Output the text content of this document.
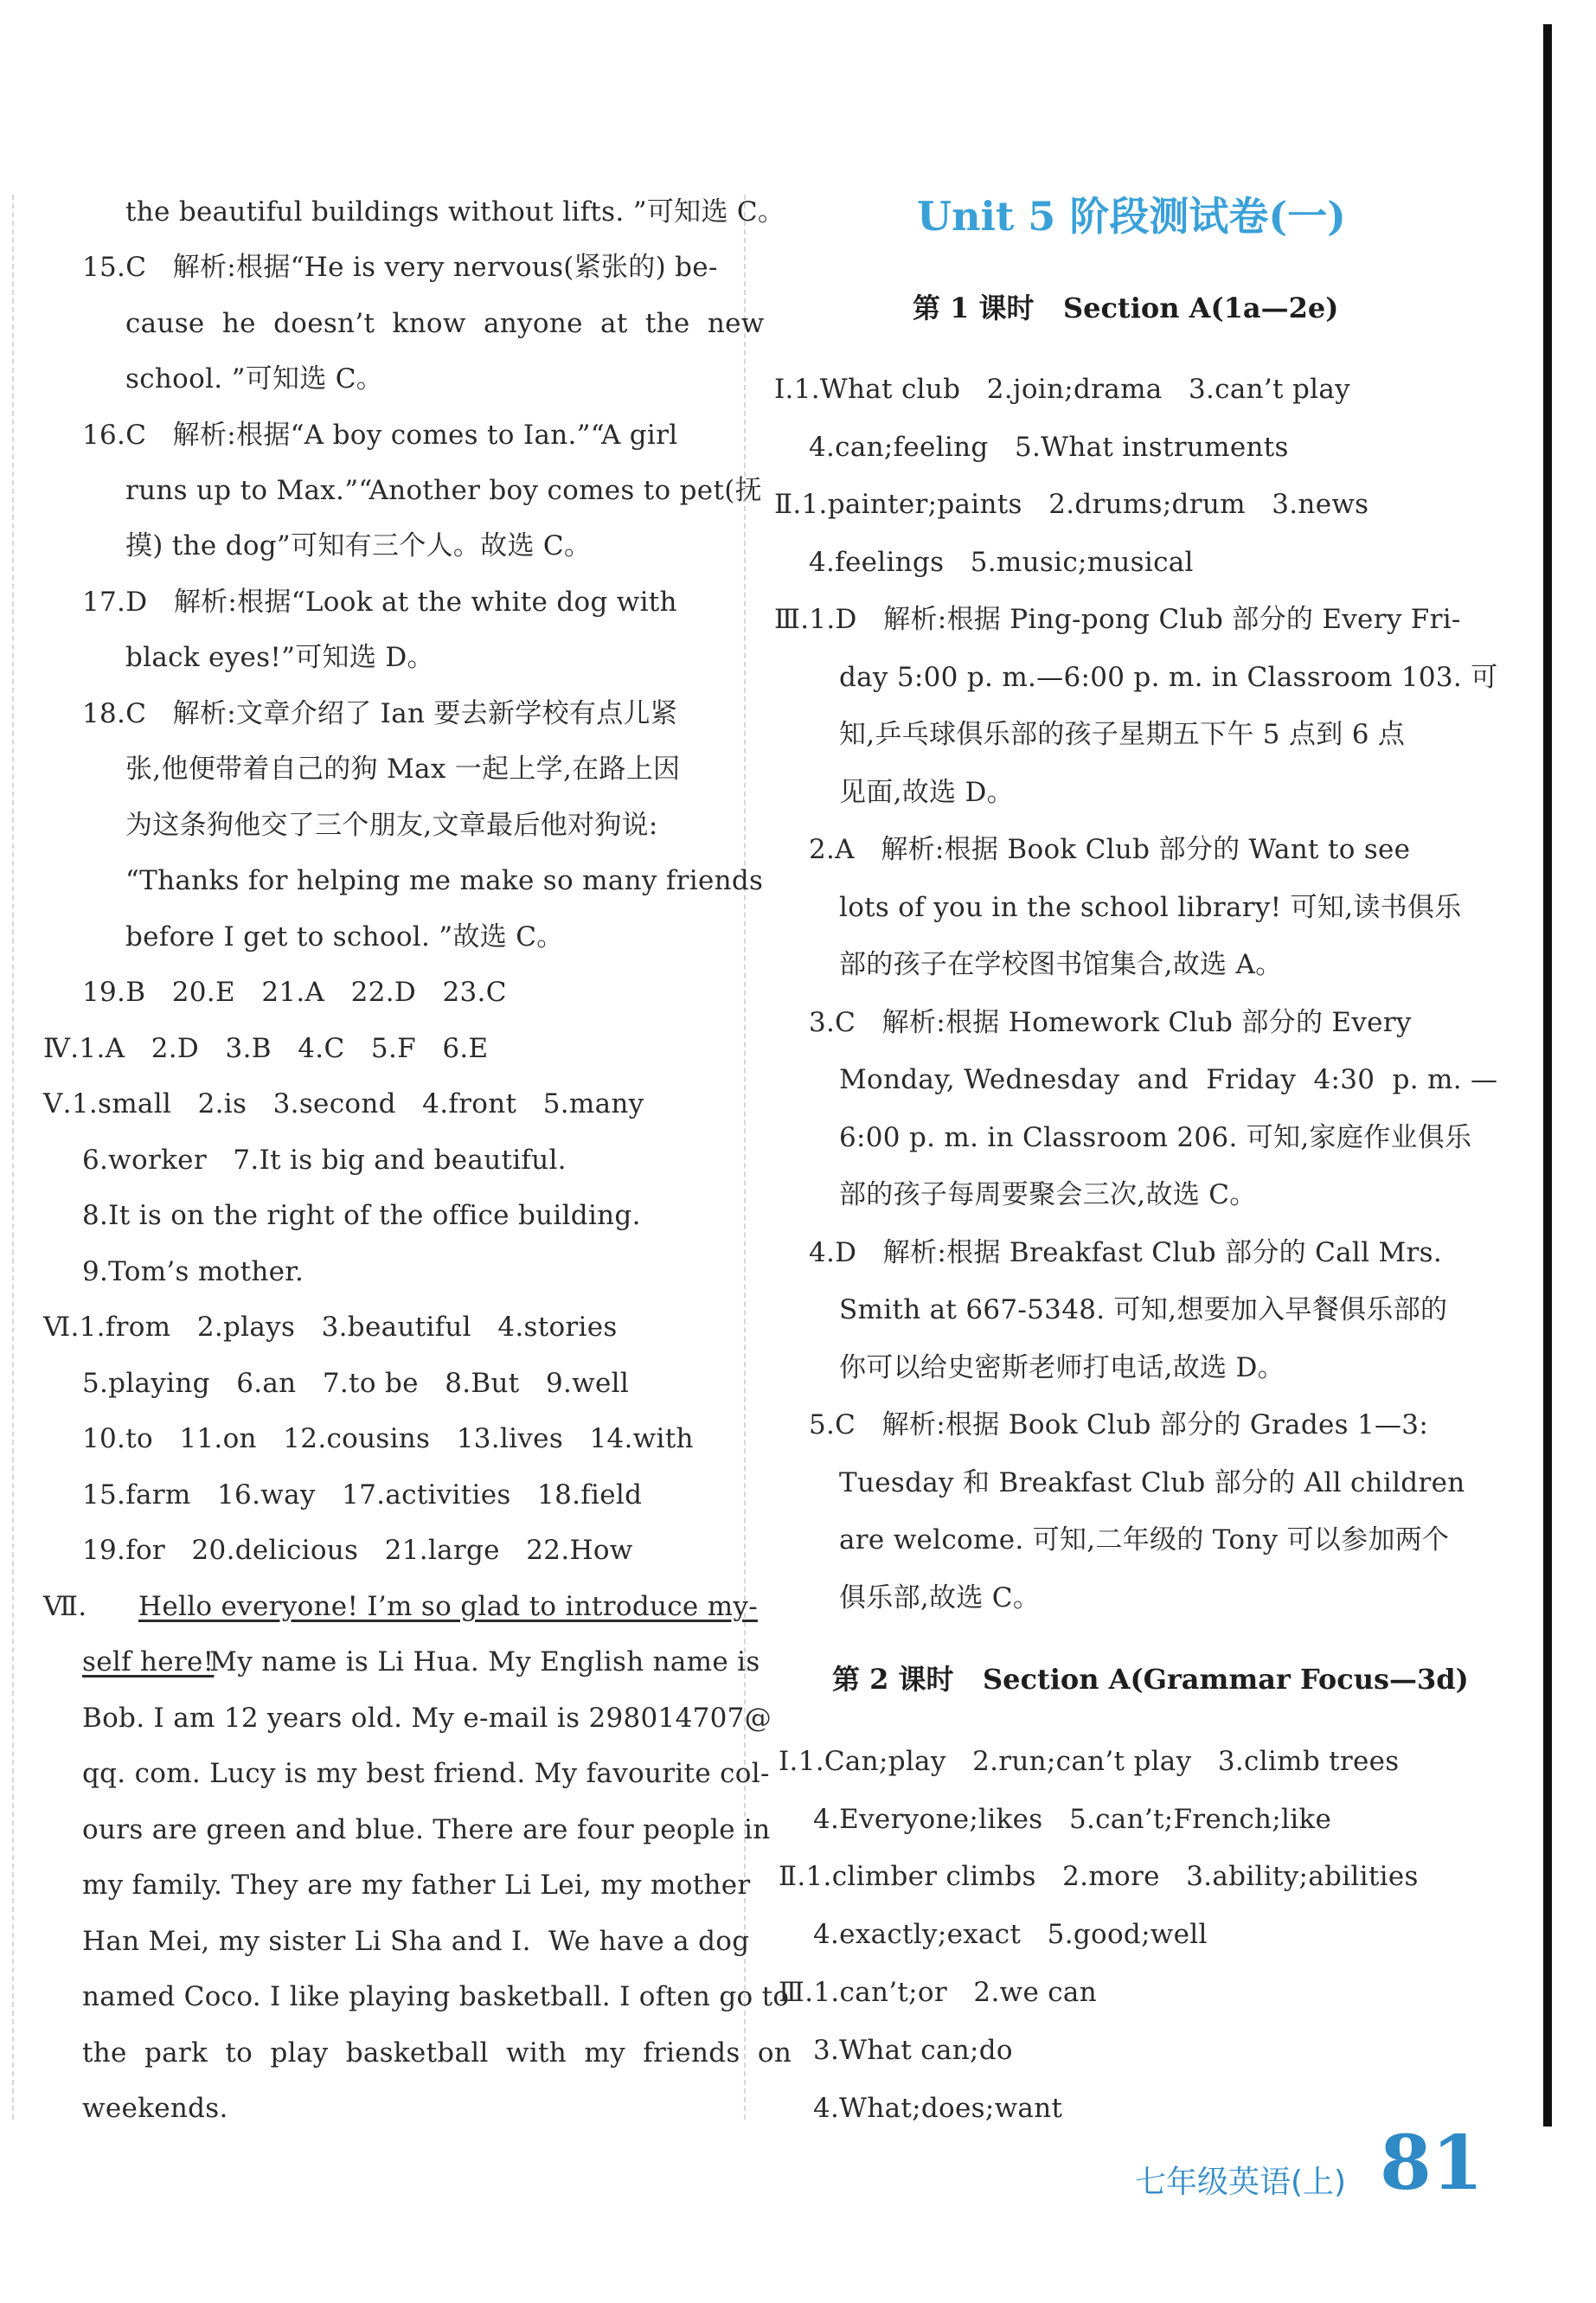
the beautiful buildings without lifts. ”可知选 C。
15.C   解析:根据“He is very nervous(紧张的) be-
cause  he  doesn’t  know  anyone  at  the  new
school. ”可知选 C。
16.C   解析:根据“A boy comes to Ian.”“A girl
runs up to Max.”“Another boy comes to pet(抚
摸) the dog”可知有三个人。故选 C。
17.D   解析:根据“Look at the white dog with
black eyes!”可知选 D。
18.C   解析:文章介绍了 Ian 要去新学校有点儿紧
张,他便带着自己的狗 Max 一起上学,在路上因
为这条狗他交了三个朋友,文章最后他对狗说:
“Thanks for helping me make so many friends
before I get to school. ”故选 C。
19.B   20.E   21.A   22.D   23.C
Ⅳ.1.A   2.D   3.B   4.C   5.F   6.E
Ⅴ.1.small   2.is   3.second   4.front   5.many
6.worker   7.It is big and beautiful.
8.It is on the right of the office building.
9.Tom’s mother.
Ⅵ.1.from   2.plays   3.beautiful   4.stories
5.playing   6.an   7.to be   8.But   9.well
10.to   11.on   12.cousins   13.lives   14.with
15.farm   16.way   17.activities   18.field
19.for   20.delicious   21.large   22.How
Ⅶ. Hello everyone! I’m so glad to introduce my-
self here!
My name is Li Hua. My English name is
Bob. I am 12 years old. My e-mail is 298014707@
qq. com. Lucy is my best friend. My favourite col-
ours are green and blue. There are four people in
my family. They are my father Li Lei, my mother
Han Mei, my sister Li Sha and I.  We have a dog
named Coco. I like playing basketball. I often go to
the  park  to  play  basketball  with  my  friends  on
weekends.
Unit 5 阶段测试卷(一)
第 1 课时   Section A(1a—2e)
Ⅰ.1.What club   2.join;drama   3.can’t play
4.can;feeling   5.What instruments
Ⅱ.1.painter;paints   2.drums;drum   3.news
4.feelings   5.music;musical
Ⅲ.1.D   解析:根据 Ping-pong Club 部分的 Every Fri-
day 5:00 p. m.—6:00 p. m. in Classroom 103. 可
知,乒乓球俱乐部的孩子星期五下午 5 点到 6 点
见面,故选 D。
2.A   解析:根据 Book Club 部分的 Want to see
lots of you in the school library! 可知,读书俱乐
部的孩子在学校图书馆集合,故选 A。
3.C   解析:根据 Homework Club 部分的 Every
Monday, Wednesday  and  Friday  4:30  p. m. —
6:00 p. m. in Classroom 206. 可知,家庭作业俱乐
部的孩子每周要聚会三次,故选 C。
4.D   解析:根据 Breakfast Club 部分的 Call Mrs.
Smith at 667-5348. 可知,想要加入早餐俱乐部的
你可以给史密斯老师打电话,故选 D。
5.C   解析:根据 Book Club 部分的 Grades 1—3:
Tuesday 和 Breakfast Club 部分的 All children
are welcome. 可知,二年级的 Tony 可以参加两个
俱乐部,故选 C。
第 2 课时   Section A(Grammar Focus—3d)
Ⅰ.1.Can;play   2.run;can’t play   3.climb trees
4.Everyone;likes   5.can’t;French;like
Ⅱ.1.climber climbs   2.more   3.ability;abilities
4.exactly;exact   5.good;well
Ⅲ.1.can’t;or   2.we can
3.What can;do
4.What;does;want
七年级英语(上) 81
